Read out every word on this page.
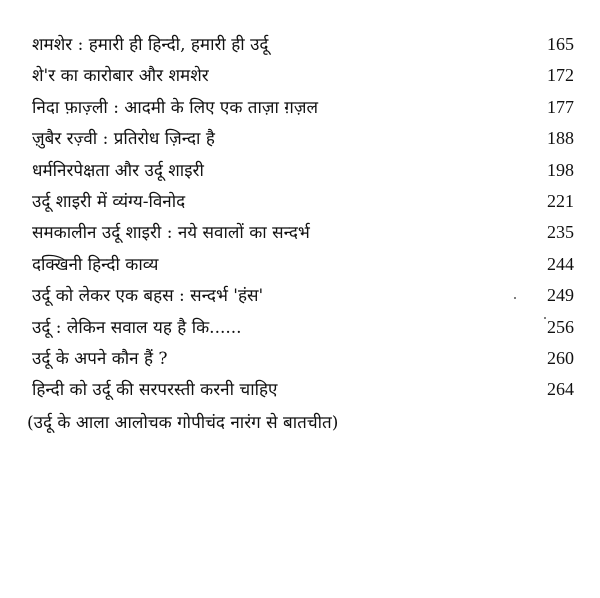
शमशेर : हमारी ही हिन्दी, हमारी ही उर्दू	165
शे'र का कारोबार और शमशेर	172
निदा फ़ाज़्ली : आदमी के लिए एक ताज़ा ग़ज़ल	177
ज़ुबैर रज़्वी : प्रतिरोध ज़िन्दा है	188
धर्मनिरपेक्षता और उर्दू शाइरी	198
उर्दू शाइरी में व्यंग्य-विनोद	221
समकालीन उर्दू शाइरी : नये सवालों का सन्दर्भ	235
दक्खिनी हिन्दी काव्य	244
उर्दू को लेकर एक बहस : सन्दर्भ 'हंस'	249
उर्दू : लेकिन सवाल यह है कि......	256
उर्दू के अपने कौन हैं ?	260
हिन्दी को उर्दू की सरपरस्ती करनी चाहिए	264
(उर्दू के आला आलोचक गोपीचंद नारंग से बातचीत)
